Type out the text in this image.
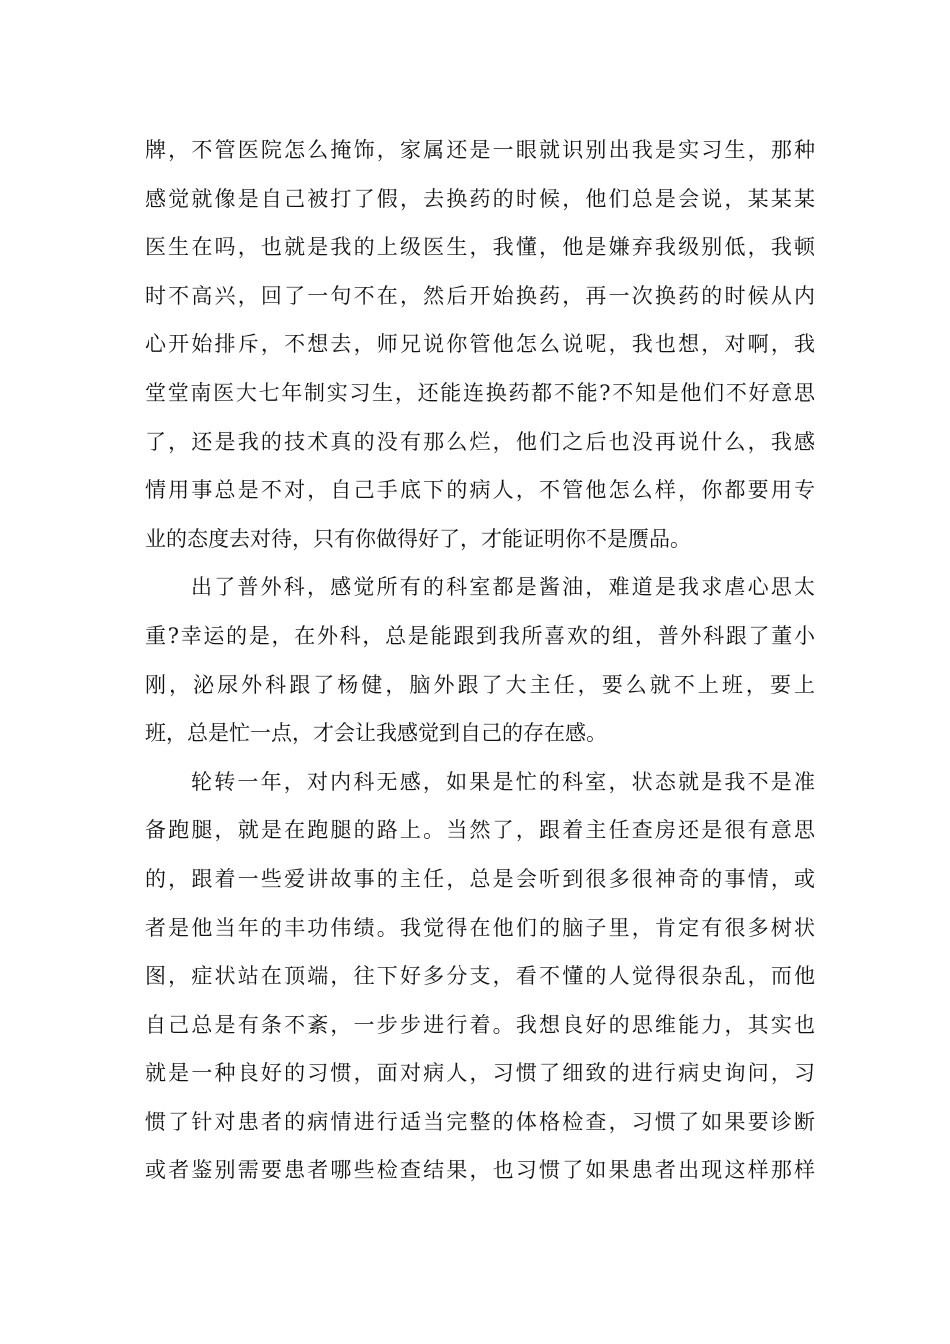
牌，不管医院怎么掩饰，家属还是一眼就识别出我是实习生，那种
感觉就像是自己被打了假，去换药的时候，他们总是会说，某某某
医生在吗，也就是我的上级医生，我懂，他是嫌弃我级别低，我顿
时不高兴，回了一句不在，然后开始换药，再一次换药的时候从内
心开始排斥，不想去，师兄说你管他怎么说呢，我也想，对啊，我
堂堂南医大七年制实习生，还能连换药都不能?不知是他们不好意思
了，还是我的技术真的没有那么烂，他们之后也没再说什么，我感
情用事总是不对，自己手底下的病人，不管他怎么样，你都要用专
业的态度去对待，只有你做得好了，才能证明你不是赝品。
出了普外科，感觉所有的科室都是酱油，难道是我求虐心思太
重?幸运的是，在外科，总是能跟到我所喜欢的组，普外科跟了董小
刚，泌尿外科跟了杨健，脑外跟了大主任，要么就不上班，要上
班，总是忙一点，才会让我感觉到自己的存在感。
轮转一年，对内科无感，如果是忙的科室，状态就是我不是准
备跑腿，就是在跑腿的路上。当然了，跟着主任查房还是很有意思
的，跟着一些爱讲故事的主任，总是会听到很多很神奇的事情，或
者是他当年的丰功伟绩。我觉得在他们的脑子里，肯定有很多树状
图，症状站在顶端，往下好多分支，看不懂的人觉得很杂乱，而他
自己总是有条不紊，一步步进行着。我想良好的思维能力，其实也
就是一种良好的习惯，面对病人，习惯了细致的进行病史询问，习
惯了针对患者的病情进行适当完整的体格检查，习惯了如果要诊断
或者鉴别需要患者哪些检查结果，也习惯了如果患者出现这样那样
